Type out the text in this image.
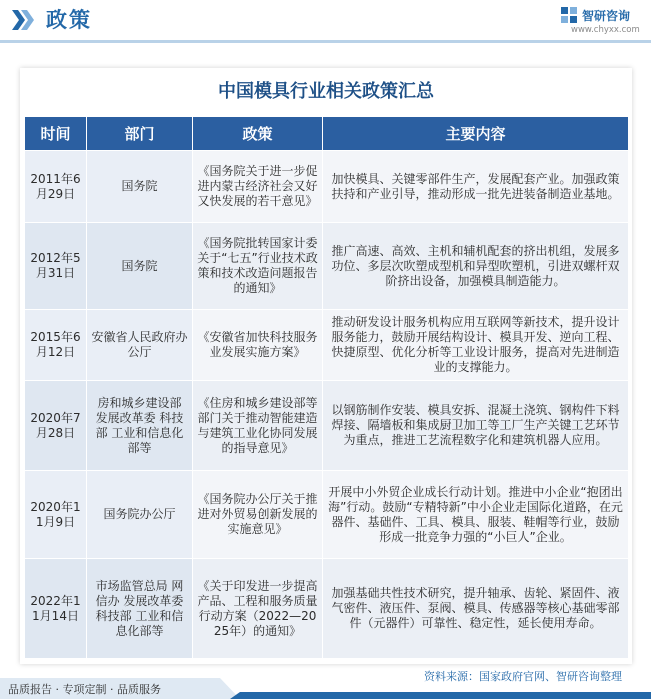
政策	智研咨询
www.chyxx.com
中国模具行业相关政策汇总
时间	部门	政策	主要内容
2011年6月29日	国务院	《国务院关于进一步促进内蒙古经济社会又好又快发展的若干意见》	加快模具、关键零部件生产，发展配套产业。加强政策扶持和产业引导，推动形成一批先进装备制造业基地。
2012年5月31日	国务院	《国务院批转国家计委关于“七五”行业技术政策和技术改造问题报告的通知》	推广高速、高效、主机和辅机配套的挤出机组，发展多功位、多层次吹塑成型机和异型吹塑机，引进双螺杆双阶挤出设备，加强模具制造能力。
2015年6月12日	安徽省人民政府办公厅	《安徽省加快科技服务业发展实施方案》	推动研发设计服务机构应用互联网等新技术，提升设计服务能力，鼓励开展结构设计、模具开发、逆向工程、快捷原型、优化分析等工业设计服务，提高对先进制造业的支撑能力。
2020年7月28日	房和城乡建设部 发展改革委 科技部 工业和信息化部等	《住房和城乡建设部等部门关于推动智能建造与建筑工业化协同发展的指导意见》	以钢筋制作安装、模具安拆、混凝土浇筑、钢构件下料焊接、隔墙板和集成厨卫加工等工厂生产关键工艺环节为重点，推进工艺流程数字化和建筑机器人应用。
2020年11月9日	国务院办公厅	《国务院办公厅关于推进对外贸易创新发展的实施意见》	开展中小外贸企业成长行动计划。推进中小企业“抱团出海”行动。鼓励“专精特新”中小企业走国际化道路，在元器件、基础件、工具、模具、服装、鞋帽等行业，鼓励形成一批竞争力强的“小巨人”企业。
2022年11月14日	市场监管总局 网信办 发展改革委 科技部 工业和信息化部等	《关于印发进一步提高产品、工程和服务质量行动方案（2022—2025年）的通知》	加强基础共性技术研究，提升轴承、齿轮、紧固件、液气密件、液压件、泵阀、模具、传感器等核心基础零部件（元器件）可靠性、稳定性，延长使用寿命。
资料来源：国家政府官网、智研咨询整理
品质报告 · 专项定制 · 品质服务
